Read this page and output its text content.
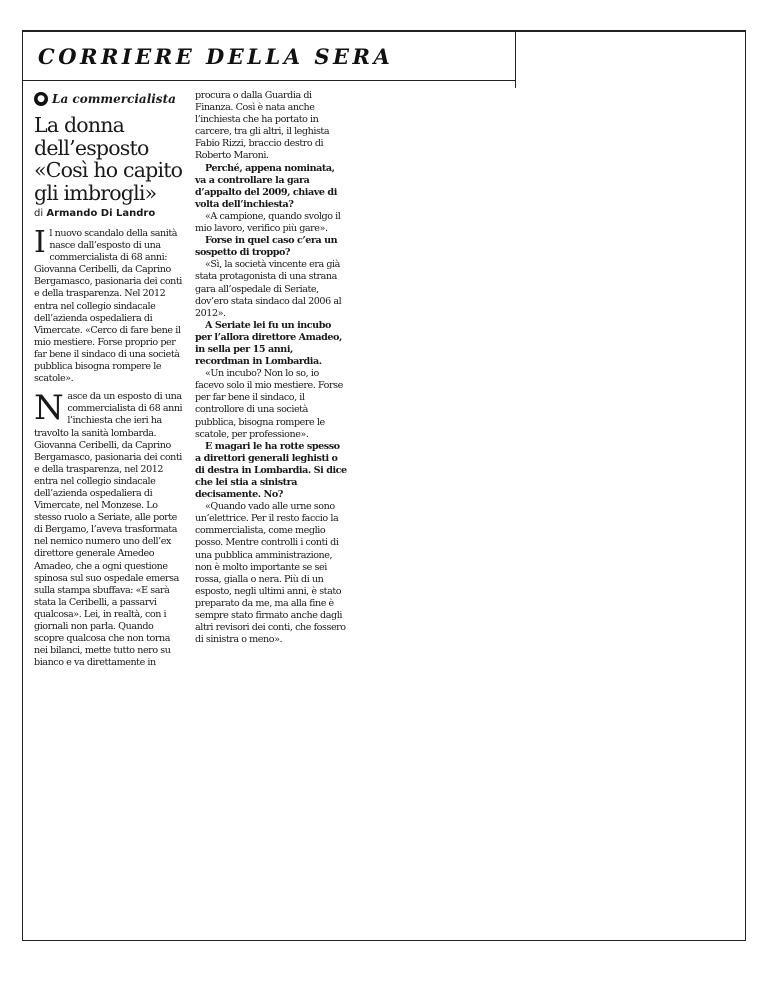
CORRIERE DELLA SERA
● La commercialista
La donna dell’esposto «Così ho capito gli imbrogli»
di Armando Di Landro

Il nuovo scandalo della sanità nasce dall’esposto di una commercialista di 68 anni: Giovanna Ceribelli, da Caprino Bergamasco, pasionaria dei conti e della trasparenza. Nel 2012 entra nel collegio sindacale dell’azienda ospedaliera di Vimercate. «Cerco di fare bene il mio mestiere. Forse proprio per far bene il sindaco di una società pubblica bisogna rompere le scatole».

Nasce da un esposto di una commercialista di 68 anni l’inchiesta che ieri ha travolto la sanità lombarda. Giovanna Ceribelli, da Caprino Bergamasco, pasionaria dei conti e della trasparenza, nel 2012 entra nel collegio sindacale dell’azienda ospedaliera di Vimercate, nel Monzese. Lo stesso ruolo a Seriate, alle porte di Bergamo, l’aveva trasformata nel nemico numero uno dell’ex direttore generale Amedeo Amadeo, che a ogni questione spinosa sul suo ospedale emersa sulla stampa sbuffava: «E sarà stata la Ceribelli, a passarvi qualcosa». Lei, in realtà, con i giornali non parla. Quando scopre qualcosa che non torna nei bilanci, mette tutto nero su bianco e va direttamente in

procura o dalla Guardia di Finanza. Così è nata anche l’inchiesta che ha portato in carcere, tra gli altri, il leghista Fabio Rizzi, braccio destro di Roberto Maroni.

Perché, appena nominata, va a controllare la gara d’appalto del 2009, chiave di volta dell’inchiesta?

«A campione, quando svolgo il mio lavoro, verifico più gare».

Forse in quel caso c’era un sospetto di troppo?

«Sì, la società vincente era già stata protagonista di una strana gara all’ospedale di Seriate, dov’ero stata sindaco dal 2006 al 2012».

A Seriate lei fu un incubo per l’allora direttore Amadeo, in sella per 15 anni, recordman in Lombardia.

«Un incubo? Non lo so, io facevo solo il mio mestiere. Forse per far bene il sindaco, il controllore di una società pubblica, bisogna rompere le scatole, per professione».

E magari le ha rotte spesso a direttori generali leghisti o di destra in Lombardia. Si dice che lei stia a sinistra decisamente. No?

«Quando vado alle urne sono un’elettrice. Per il resto faccio la commercialista, come meglio posso. Mentre controlli i conti di una pubblica amministrazione, non è molto importante se sei rossa, gialla o nera. Più di un esposto, negli ultimi anni, è stato preparato da me, ma alla fine è sempre stato firmato anche dagli altri revisori dei conti, che fossero di sinistra o meno».
